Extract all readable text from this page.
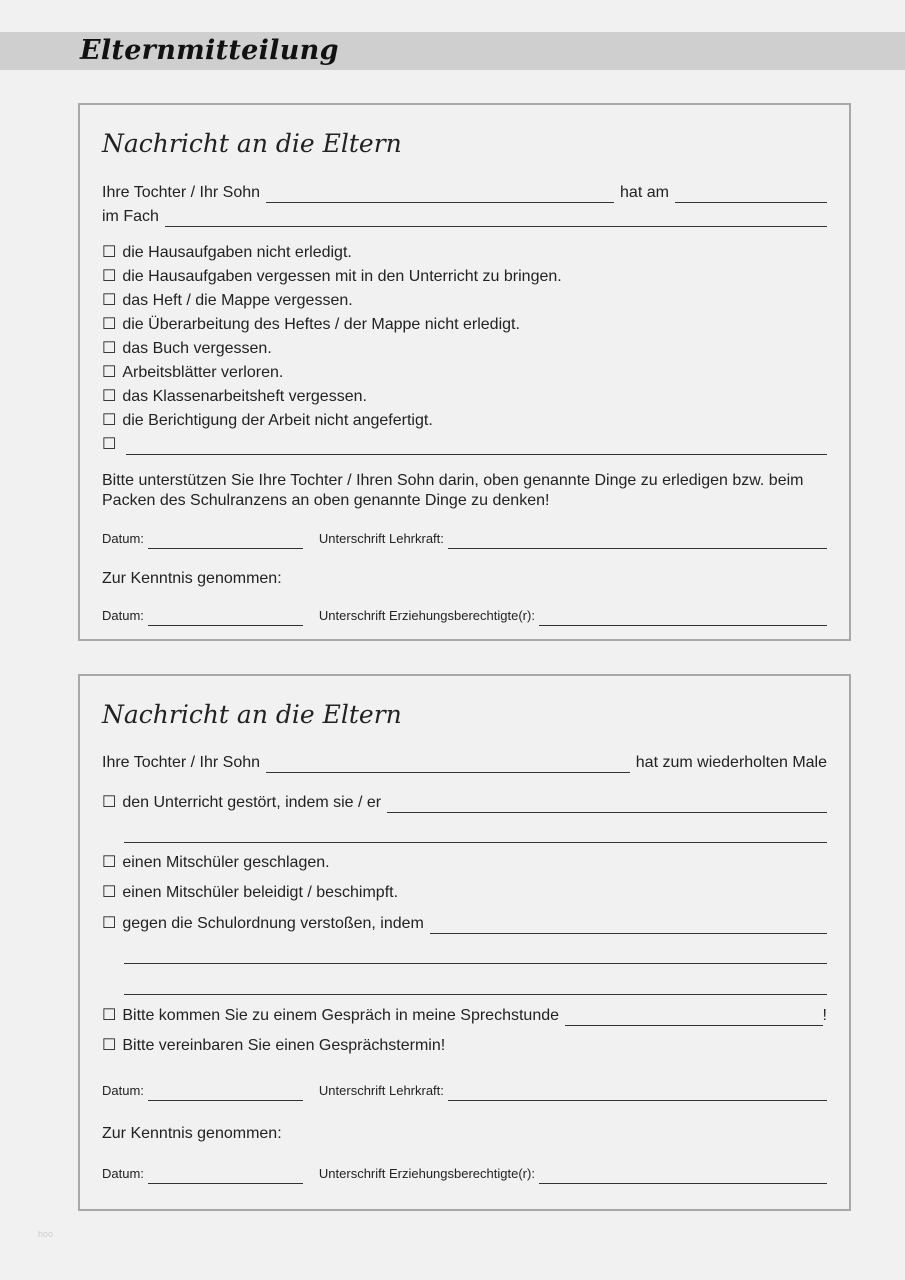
Elternmitteilung
Nachricht an die Eltern
Ihre Tochter / Ihr Sohn	hat am
im Fach
☐ die Hausaufgaben nicht erledigt.
☐ die Hausaufgaben vergessen mit in den Unterricht zu bringen.
☐ das Heft / die Mappe vergessen.
☐ die Überarbeitung des Heftes / der Mappe nicht erledigt.
☐ das Buch vergessen.
☐ Arbeitsblätter verloren.
☐ das Klassenarbeitsheft vergessen.
☐ die Berichtigung der Arbeit nicht angefertigt.
☐
Bitte unterstützen Sie Ihre Tochter / Ihren Sohn darin, oben genannte Dinge zu erledigen bzw. beim Packen des Schulranzens an oben genannte Dinge zu denken!
Datum:	Unterschrift Lehrkraft:
Zur Kenntnis genommen:
Datum:	Unterschrift Erziehungsberechtigte(r):
Nachricht an die Eltern
Ihre Tochter / Ihr Sohn	hat zum wiederholten Male
☐ den Unterricht gestört, indem sie / er
☐ einen Mitschüler geschlagen.
☐ einen Mitschüler beleidigt / beschimpft.
☐ gegen die Schulordnung verstoßen, indem
☐ Bitte kommen Sie zu einem Gespräch in meine Sprechstunde	!
☐ Bitte vereinbaren Sie einen Gesprächstermin!
Datum:	Unterschrift Lehrkraft:
Zur Kenntnis genommen:
Datum:	Unterschrift Erziehungsberechtigte(r):
hoo
